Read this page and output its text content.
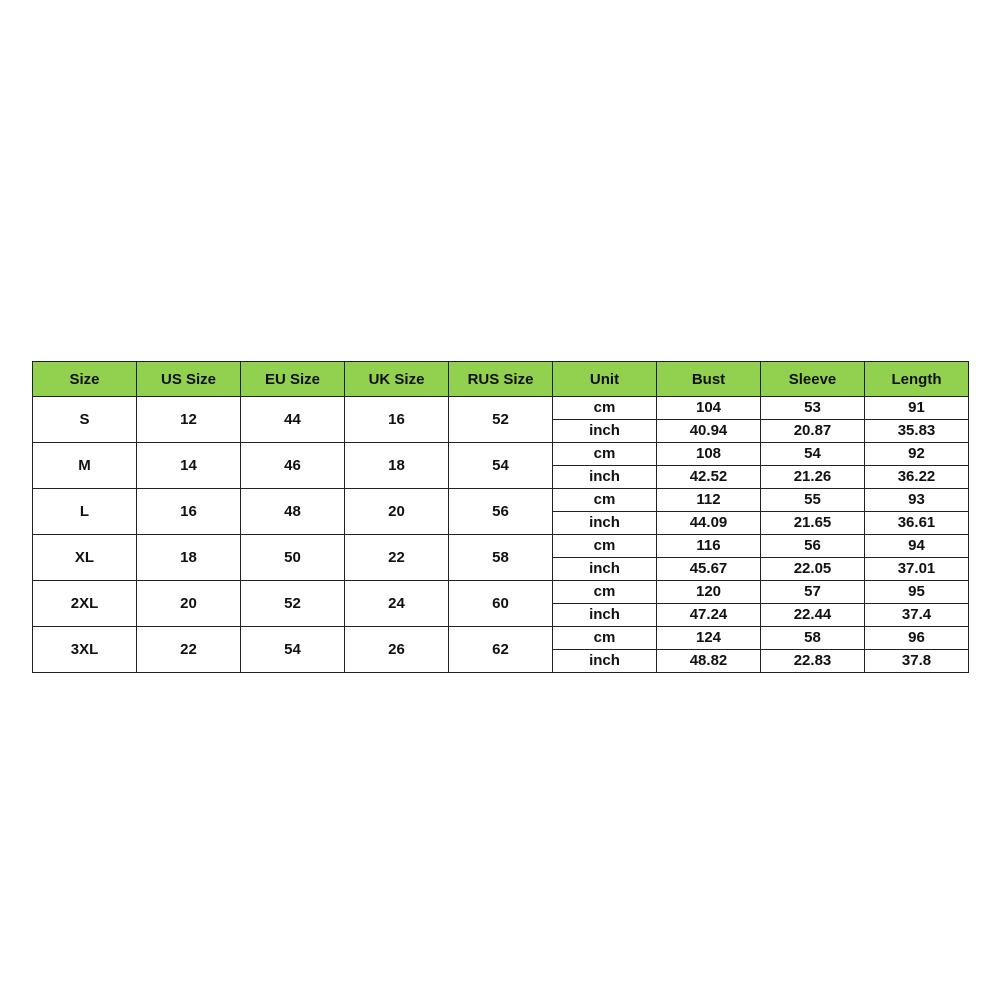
Size	US Size	EU Size	UK Size	RUS Size	Unit	Bust	Sleeve	Length
S	12	44	16	52	cm	104	53	91
					inch	40.94	20.87	35.83
M	14	46	18	54	cm	108	54	92
					inch	42.52	21.26	36.22
L	16	48	20	56	cm	112	55	93
					inch	44.09	21.65	36.61
XL	18	50	22	58	cm	116	56	94
					inch	45.67	22.05	37.01
2XL	20	52	24	60	cm	120	57	95
					inch	47.24	22.44	37.4
3XL	22	54	26	62	cm	124	58	96
					inch	48.82	22.83	37.8
